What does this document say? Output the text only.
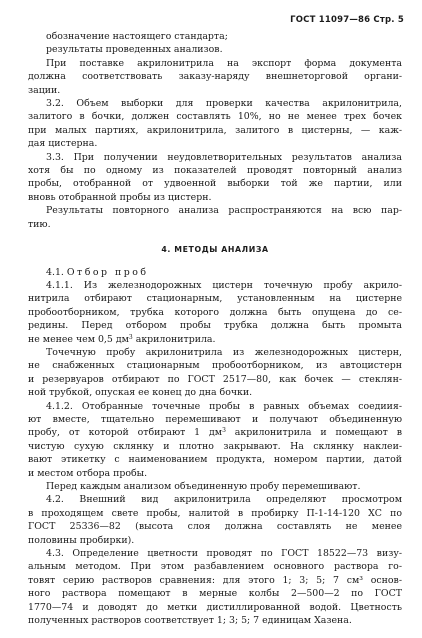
ГОСТ 11097—86 Стр. 5
обозначение настоящего стандарта;
результаты проведенных анализов.
При поставке акрилонитрила на экспорт форма документа
должна соответствовать заказу-наряду внешнеторговой органи-
зации.
3.2. Объем выборки для проверки качества акрилонитрила,
залитого в бочки, должен составлять 10%, но не менее трех бочек
при малых партиях, акрилонитрила, залитого в цистерны, — каж-
дая цистерна.
3.3. При получении неудовлетворительных результатов анализа
хотя бы по одному из показателей проводят повторный анализ
пробы, отобранной от удвоенной выборки той же партии, или
вновь отобранной пробы из цистерн.
Результаты повторного анализа распространяются на всю пар-
тию.
4. МЕТОДЫ АНАЛИЗА
4.1. Отбор проб
4.1.1. Из железнодорожных цистерн точечную пробу акрило-
нитрила отбирают стационарным, установленным на цистерне
пробоотборником, трубка которого должна быть опущена до се-
редины. Перед отбором пробы трубка должна быть промыта
не менее чем 0,5 $дм^3$ акрилонитрила.
Точечную пробу акрилонитрила из железнодорожных цистерн,
не снабженных стационарным пробоотборником, из автоцистерн
и резервуаров отбирают по ГОСТ 2517—80, как бочек — стеклян-
ной трубкой, опуская ее конец до дна бочки.
4.1.2. Отобранные точечные пробы в равных объемах соедиия-
ют вместе, тщательно перемешивают и получают объединенную
пробу, от которой отбирают 1 $дм^3$ акрилонитрила и помещают в
чистую сухую склянку и плотно закрывают. На склянку наклеи-
вают этикетку с наименованием продукта, номером партии, датой
и местом отбора пробы.
Перед каждым анализом объединенную пробу перемешивают.
4.2. Внешний вид акрилонитрила определяют просмотром
в проходящем свете пробы, налитой в пробирку П-1-14-120 ХС по
ГОСТ 25336—82 (высота слоя должна составлять не менее
половины пробирки).
4.3. Определение цветности проводят по ГОСТ 18522—73 визу-
альным методом. При этом разбавлением основного раствора го-
товят серию растворов сравнения: для этого 1; 3; 5; 7 см³ основ-
ного раствора помещают в мерные колбы 2—500—2 по ГОСТ
1770—74 и доводят до метки дистиллированной водой. Цветность
полученных растворов соответствует 1; 3; 5; 7 единицам Хазена.
